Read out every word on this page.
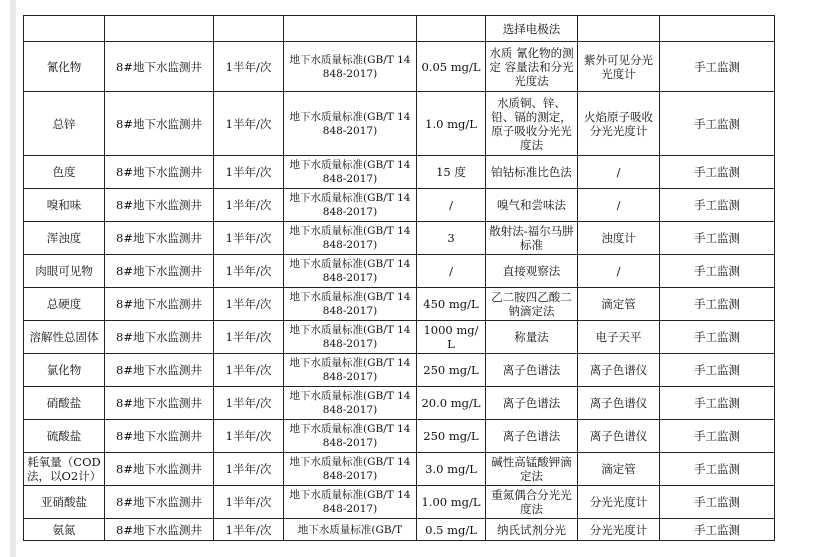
					选择电极法		
氰化物	8#地下水监测井	1半年/次	地下水质量标准(GB/T 14848-2017)	0.05 mg/L	水质 氰化物的测定 容量法和分光光度法	紫外可见分光光度计	手工监测
总锌	8#地下水监测井	1半年/次	地下水质量标准(GB/T 14848-2017)	1.0 mg/L	水质铜、锌、铅、镉的测定，原子吸收分光光度法	火焰原子吸收分光光度计	手工监测
色度	8#地下水监测井	1半年/次	地下水质量标准(GB/T 14848-2017)	15 度	铂钴标准比色法	/	手工监测
嗅和味	8#地下水监测井	1半年/次	地下水质量标准(GB/T 14848-2017)	/	嗅气和尝味法	/	手工监测
浑浊度	8#地下水监测井	1半年/次	地下水质量标准(GB/T 14848-2017)	3	散射法-福尔马肼标准	浊度计	手工监测
肉眼可见物	8#地下水监测井	1半年/次	地下水质量标准(GB/T 14848-2017)	/	直接观察法	/	手工监测
总硬度	8#地下水监测井	1半年/次	地下水质量标准(GB/T 14848-2017)	450 mg/L	乙二胺四乙酸二钠滴定法	滴定管	手工监测
溶解性总固体	8#地下水监测井	1半年/次	地下水质量标准(GB/T 14848-2017)	1000 mg/L	称量法	电子天平	手工监测
氯化物	8#地下水监测井	1半年/次	地下水质量标准(GB/T 14848-2017)	250 mg/L	离子色谱法	离子色谱仪	手工监测
硝酸盐	8#地下水监测井	1半年/次	地下水质量标准(GB/T 14848-2017)	20.0 mg/L	离子色谱法	离子色谱仪	手工监测
硫酸盐	8#地下水监测井	1半年/次	地下水质量标准(GB/T 14848-2017)	250 mg/L	离子色谱法	离子色谱仪	手工监测
耗氧量（COD法，以O2计）	8#地下水监测井	1半年/次	地下水质量标准(GB/T 14848-2017)	3.0 mg/L	碱性高锰酸钾滴定法	滴定管	手工监测
亚硝酸盐	8#地下水监测井	1半年/次	地下水质量标准(GB/T 14848-2017)	1.00 mg/L	重氮偶合分光光度法	分光光度计	手工监测
氨氮	8#地下水监测井	1半年/次	地下水质量标准(GB/T	0.5 mg/L	纳氏试剂分光	分光光度计	手工监测
